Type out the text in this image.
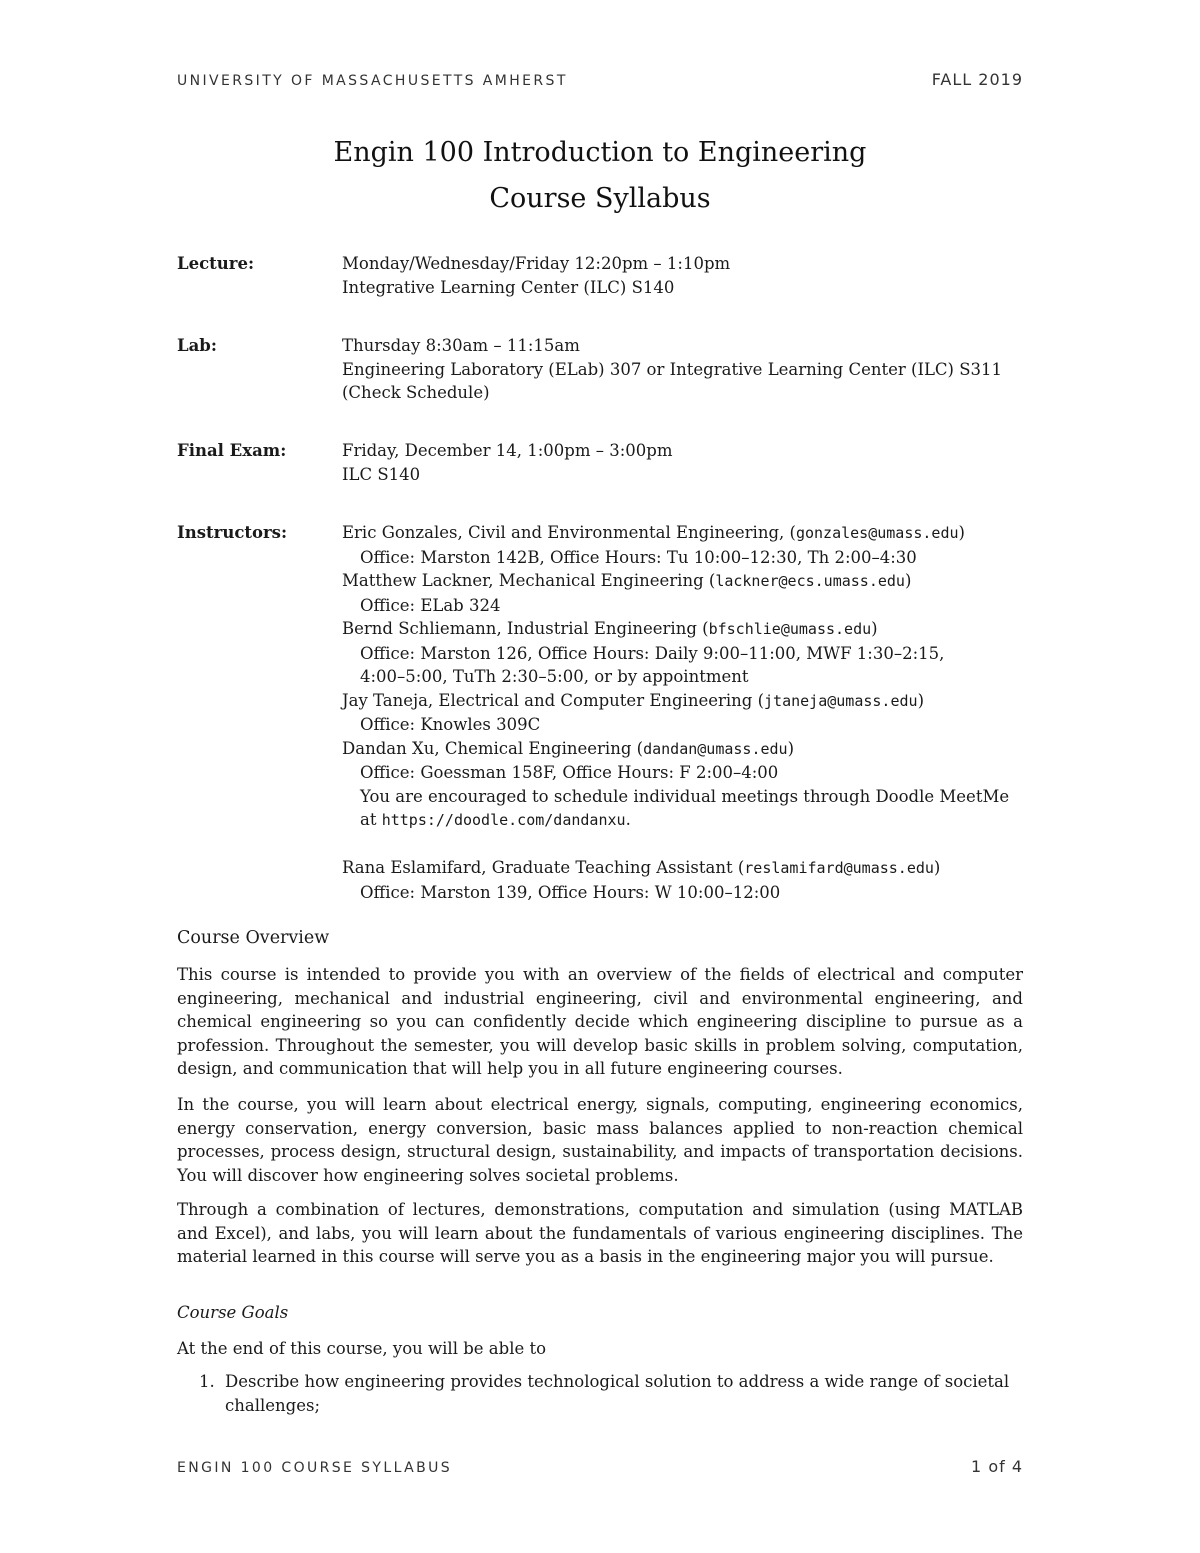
UNIVERSITY OF MASSACHUSETTS AMHERST	FALL 2019
Engin 100 Introduction to Engineering
Course Syllabus
Lecture:	Monday/Wednesday/Friday 12:20pm – 1:10pm
Integrative Learning Center (ILC) S140
Lab:	Thursday 8:30am – 11:15am
Engineering Laboratory (ELab) 307 or Integrative Learning Center (ILC) S311
(Check Schedule)
Final Exam:	Friday, December 14, 1:00pm – 3:00pm
ILC S140
Instructors:	Eric Gonzales, Civil and Environmental Engineering, (gonzales@umass.edu)
Office: Marston 142B, Office Hours: Tu 10:00–12:30, Th 2:00–4:30
Matthew Lackner, Mechanical Engineering (lackner@ecs.umass.edu)
Office: ELab 324
Bernd Schliemann, Industrial Engineering (bfschlie@umass.edu)
Office: Marston 126, Office Hours: Daily 9:00–11:00, MWF 1:30–2:15,
4:00–5:00, TuTh 2:30–5:00, or by appointment
Jay Taneja, Electrical and Computer Engineering (jtaneja@umass.edu)
Office: Knowles 309C
Dandan Xu, Chemical Engineering (dandan@umass.edu)
Office: Goessman 158F, Office Hours: F 2:00–4:00
You are encouraged to schedule individual meetings through Doodle MeetMe
at https://doodle.com/dandanxu.
Rana Eslamifard, Graduate Teaching Assistant (reslamifard@umass.edu)
Office: Marston 139, Office Hours: W 10:00–12:00
Course Overview

This course is intended to provide you with an overview of the fields of electrical and computer engineering, mechanical and industrial engineering, civil and environmental engineering, and chemical engineering so you can confidently decide which engineering discipline to pursue as a profession. Throughout the semester, you will develop basic skills in problem solving, computation, design, and communication that will help you in all future engineering courses.

In the course, you will learn about electrical energy, signals, computing, engineering economics, energy conservation, energy conversion, basic mass balances applied to non-reaction chemical processes, process design, structural design, sustainability, and impacts of transportation decisions. You will discover how engineering solves societal problems.

Through a combination of lectures, demonstrations, computation and simulation (using MATLAB and Excel), and labs, you will learn about the fundamentals of various engineering disciplines. The material learned in this course will serve you as a basis in the engineering major you will pursue.

Course Goals

At the end of this course, you will be able to

1. Describe how engineering provides technological solution to address a wide range of societal challenges;
ENGIN 100 COURSE SYLLABUS	1 of 4
